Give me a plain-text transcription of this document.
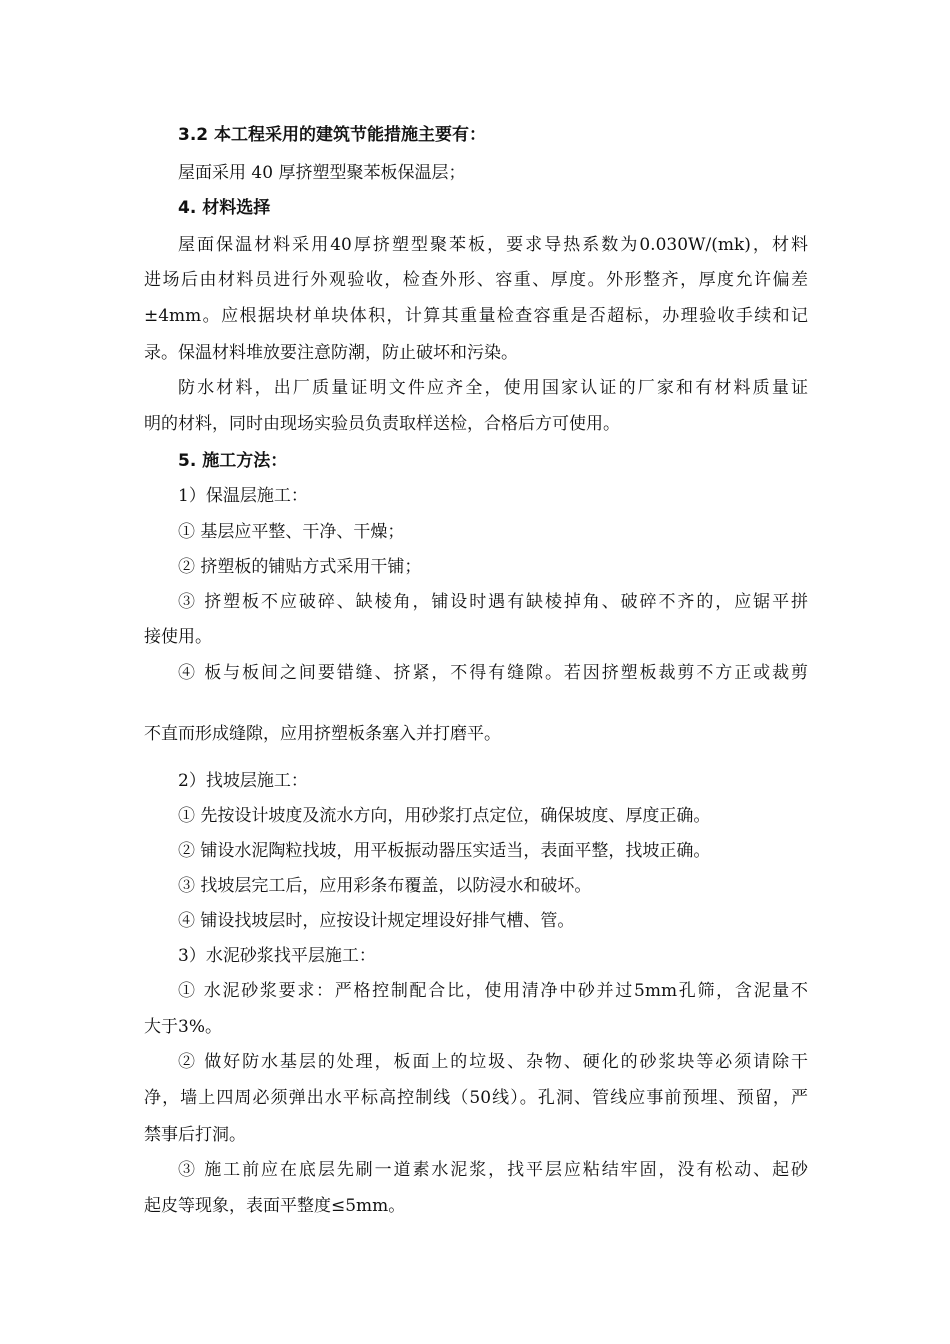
3.2 本工程采用的建筑节能措施主要有：
屋面采用 40 厚挤塑型聚苯板保温层；
4. 材料选择
屋面保温材料采用40厚挤塑型聚苯板，要求导热系数为0.030W/(mk)，材料
进场后由材料员进行外观验收，检查外形、容重、厚度。外形整齐，厚度允许偏差
±4mm。应根据块材单块体积，计算其重量检查容重是否超标，办理验收手续和记
录。保温材料堆放要注意防潮，防止破坏和污染。
防水材料，出厂质量证明文件应齐全，使用国家认证的厂家和有材料质量证
明的材料，同时由现场实验员负责取样送检，合格后方可使用。
5. 施工方法：
1）保温层施工：
① 基层应平整、干净、干燥；
② 挤塑板的铺贴方式采用干铺；
③ 挤塑板不应破碎、缺棱角，铺设时遇有缺棱掉角、破碎不齐的，应锯平拼
接使用。
④ 板与板间之间要错缝、挤紧，不得有缝隙。若因挤塑板裁剪不方正或裁剪
不直而形成缝隙，应用挤塑板条塞入并打磨平。
2）找坡层施工：
① 先按设计坡度及流水方向，用砂浆打点定位，确保坡度、厚度正确。
② 铺设水泥陶粒找坡，用平板振动器压实适当，表面平整，找坡正确。
③ 找坡层完工后，应用彩条布覆盖，以防浸水和破坏。
④ 铺设找坡层时，应按设计规定埋设好排气槽、管。
3）水泥砂浆找平层施工：
① 水泥砂浆要求：严格控制配合比，使用清净中砂并过5mm孔筛，含泥量不
大于3%。
② 做好防水基层的处理，板面上的垃圾、杂物、硬化的砂浆块等必须请除干
净，墙上四周必须弹出水平标高控制线（50线）。孔洞、管线应事前预埋、预留，严
禁事后打洞。
③ 施工前应在底层先刷一道素水泥浆，找平层应粘结牢固，没有松动、起砂
起皮等现象，表面平整度≤5mm。
